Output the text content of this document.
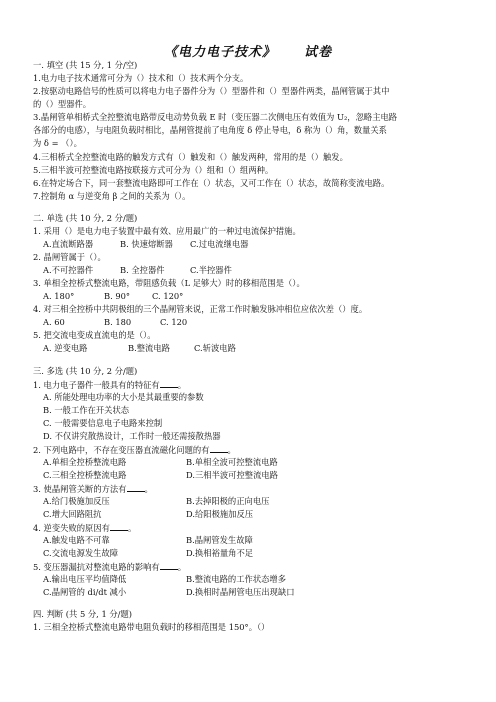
《电力电子技术》 试卷
一. 填空 (共 15 分, 1 分/空)
1.电力电子技术通常可分为（）技术和（）技术两个分支。
2.按驱动电路信号的性质可以将电力电子器件分为（）型器件和（）型器件两类，晶闸管属于其中
的（）型器件。
3.晶闸管单相桥式全控整流电路带反电动势负载 E 时（变压器二次侧电压有效值为 U₂，忽略主电路
各部分的电感），与电阻负载时相比，晶闸管提前了电角度 δ 停止导电，δ 称为（）角，数量关系
为 δ = （）。
4.三相桥式全控整流电路的触发方式有（）触发和（）触发两种，常用的是（）触发。
5.三相半波可控整流电路按联接方式可分为（）组和（）组两种。
6.在特定场合下，同一套整流电路即可工作在（）状态，又可工作在（）状态，故简称变流电路。
7.控制角 α 与逆变角 β 之间的关系为（）。
二. 单选 (共 10 分, 2 分/题)
1. 采用（）是电力电子装置中最有效、应用最广的一种过电流保护措施。
A.直流断路器	B. 快速熔断器 C.过电流继电器
2. 晶闸管属于（）。
A.不可控器件	B. 全控器件	C.半控器件
3. 单相全控桥式整流电路，带阻感负载（L 足够大）时的移相范围是（）。
A. 180°	B. 90°	C. 120°
4. 对三相全控桥中共阴极组的三个晶闸管来说，正常工作时触发脉冲相位应依次差（）度。
A. 60	B. 180	C. 120
5. 把交流电变成直流电的是（）。
A. 逆变电路	B.整流电路	C.斩波电路
三. 多选 (共 10 分, 2 分/题)
1. 电力电子器件一般具有的特征有 。
A. 所能处理电功率的大小是其最重要的参数
B. 一般工作在开关状态
C. 一般需要信息电子电路来控制
D. 不仅讲究散热设计，工作时一般还需接散热器
2. 下列电路中，不存在变压器直流磁化问题的有 。
A.单相全控桥整流电路	B.单相全波可控整流电路
C.三相全控桥整流电路	D.三相半波可控整流电路
3. 使晶闸管关断的方法有 。
A.给门极施加反压	B.去掉阳极的正向电压
C.增大回路阻抗	D.给阳极施加反压
4. 逆变失败的原因有 。
A.触发电路不可靠	B.晶闸管发生故障
C.交流电源发生故障	D.换相裕量角不足
5. 变压器漏抗对整流电路的影响有 。
A.输出电压平均值降低	B.整流电路的工作状态增多
C.晶闸管的 di/dt 减小	D.换相时晶闸管电压出现缺口
四. 判断 (共 5 分, 1 分/题)
1. 三相全控桥式整流电路带电阻负载时的移相范围是 150°。（）
